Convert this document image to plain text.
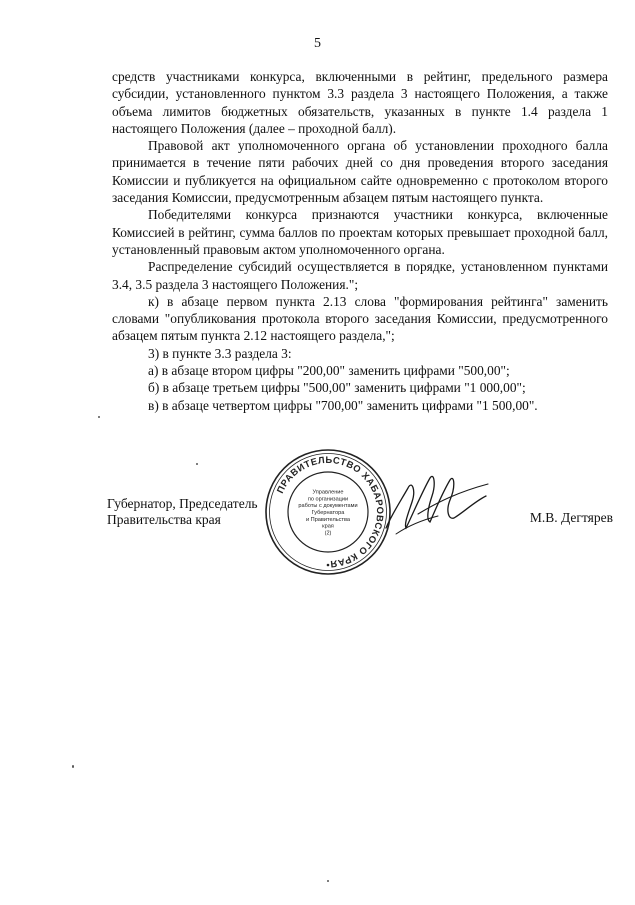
5

средств участниками конкурса, включенными в рейтинг, предельного размера субсидии, установленного пунктом 3.3 раздела 3 настоящего Положения, а также объема лимитов бюджетных обязательств, указанных в пункте 1.4 раздела 1 настоящего Положения (далее – проходной балл).

Правовой акт уполномоченного органа об установлении проходного балла принимается в течение пяти рабочих дней со дня проведения второго заседания Комиссии и публикуется на официальном сайте одновременно с протоколом второго заседания Комиссии, предусмотренным абзацем пятым настоящего пункта.

Победителями конкурса признаются участники конкурса, включенные Комиссией в рейтинг, сумма баллов по проектам которых превышает проходной балл, установленный правовым актом уполномоченного органа.

Распределение субсидий осуществляется в порядке, установленном пунктами 3.4, 3.5 раздела 3 настоящего Положения.";

к) в абзаце первом пункта 2.13 слова "формирования рейтинга" заменить словами "опубликования протокола второго заседания Комиссии, предусмотренного абзацем пятым пункта 2.12 настоящего раздела,";

3) в пункте 3.3 раздела 3:

а) в абзаце втором цифры "200,00" заменить цифрами "500,00";

б) в абзаце третьем цифры "500,00" заменить цифрами "1 000,00";

в) в абзаце четвертом цифры "700,00" заменить цифрами "1 500,00".

Губернатор, Председатель
Правительства края	М.В. Дегтярев
ПРАВИТЕЛЬСТВО ХАБАРОВСКОГО КРАЯ
Управление
по организации
работы с документами
Губернатора
и Правительства
края
(2)
